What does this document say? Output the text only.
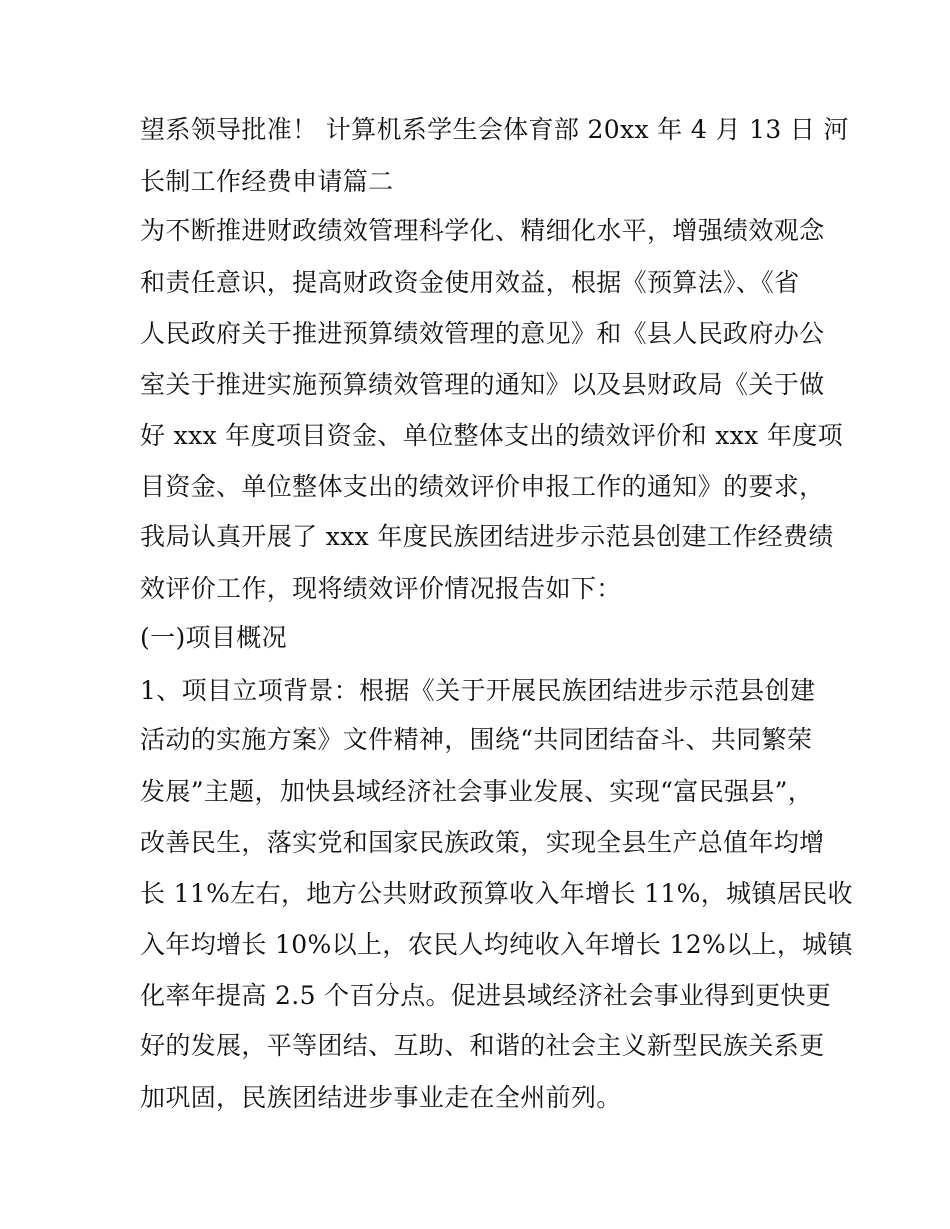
望系领导批准！ 计算机系学生会体育部 20xx 年 4 月 13 日 河
长制工作经费申请篇二
为不断推进财政绩效管理科学化、精细化水平，增强绩效观念
和责任意识，提高财政资金使用效益，根据《预算法》、《省
人民政府关于推进预算绩效管理的意见》和《县人民政府办公
室关于推进实施预算绩效管理的通知》以及县财政局《关于做
好 xxx 年度项目资金、单位整体支出的绩效评价和 xxx 年度项
目资金、单位整体支出的绩效评价申报工作的通知》的要求，
我局认真开展了 xxx 年度民族团结进步示范县创建工作经费绩
效评价工作，现将绩效评价情况报告如下：
(一)项目概况
1、项目立项背景：根据《关于开展民族团结进步示范县创建
活动的实施方案》文件精神，围绕“共同团结奋斗、共同繁荣
发展”主题，加快县域经济社会事业发展、实现“富民强县”，
改善民生，落实党和国家民族政策，实现全县生产总值年均增
长 11%左右，地方公共财政预算收入年增长 11%，城镇居民收
入年均增长 10%以上，农民人均纯收入年增长 12%以上，城镇
化率年提高 2.5 个百分点。促进县域经济社会事业得到更快更
好的发展，平等团结、互助、和谐的社会主义新型民族关系更
加巩固，民族团结进步事业走在全州前列。
